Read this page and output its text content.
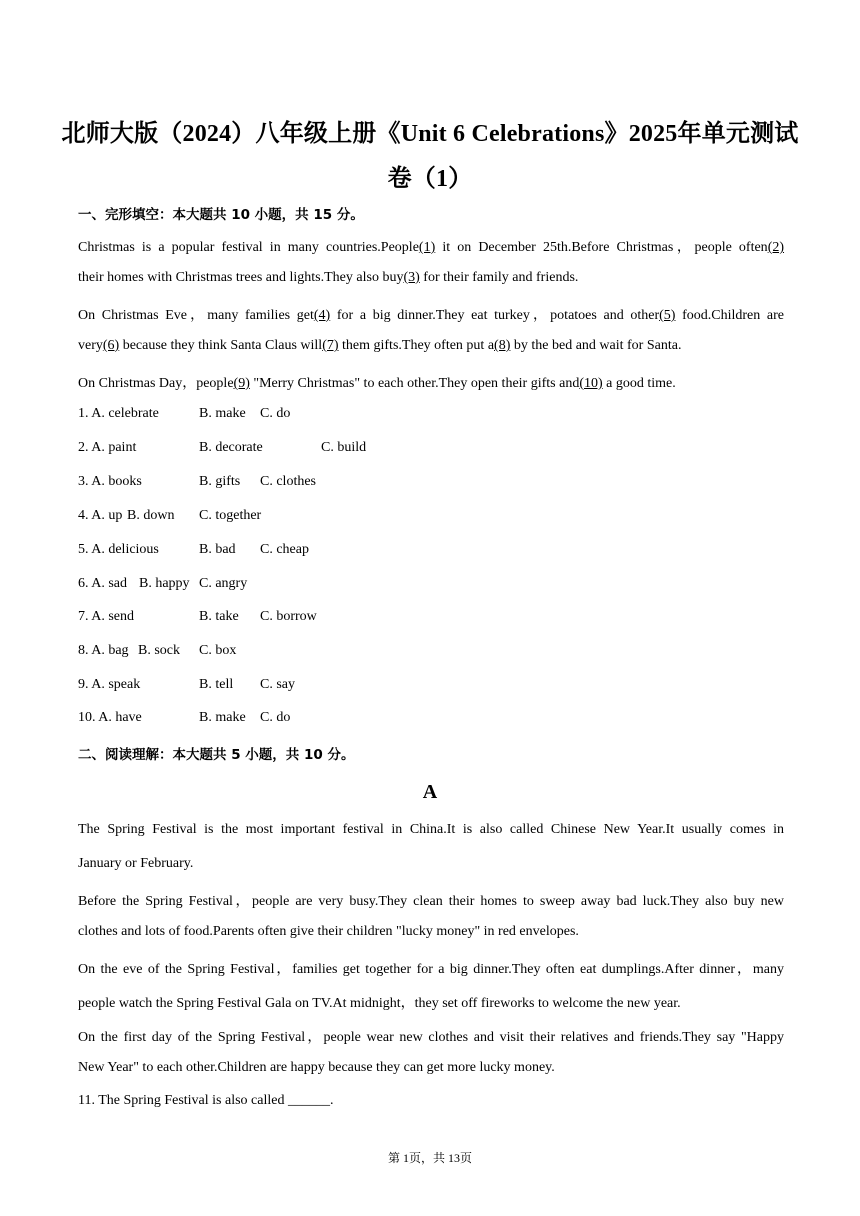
北师大版（2024）八年级上册《Unit 6 Celebrations》2025年单元测试
卷（1）
一、完形填空：本大题共 10 小题，共 15 分。
Christmas is a popular festival in many countries.People(1) it on December 25th.Before Christmas，people often(2)
their homes with Christmas trees and lights.They also buy(3) for their family and friends.
On Christmas Eve，many families get(4) for a big dinner.They eat turkey，potatoes and other(5) food.Children are
very(6) because they think Santa Claus will(7) them gifts.They often put a(8) by the bed and wait for Santa.
On Christmas Day，people(9) "Merry Christmas" to each other.They open their gifts and(10) a good time.
1. A. celebrate	B. make C. do
2. A. paint	B. decorate	C. build
3. A. books	B. gifts C. clothes
4. A. up B. down C. together
5. A. delicious	B. bad C. cheap
6. A. sad B. happy C. angry
7. A. send	B. take C. borrow
8. A. bag B. sock C. box
9. A. speak	B. tell C. say
10. A. have	B. make C. do
二、阅读理解：本大题共 5 小题，共 10 分。
A
The Spring Festival is the most important festival in China.It is also called Chinese New Year.It usually comes in
January or February.
Before the Spring Festival，people are very busy.They clean their homes to sweep away bad luck.They also buy new
clothes and lots of food.Parents often give their children "lucky money" in red envelopes.
On the eve of the Spring Festival，families get together for a big dinner.They often eat dumplings.After dinner，many
people watch the Spring Festival Gala on TV.At midnight，they set off fireworks to welcome the new year.
On the first day of the Spring Festival，people wear new clothes and visit their relatives and friends.They say "Happy
New Year" to each other.Children are happy because they can get more lucky money.
11. The Spring Festival is also called ______.
第 1页，共 13页
